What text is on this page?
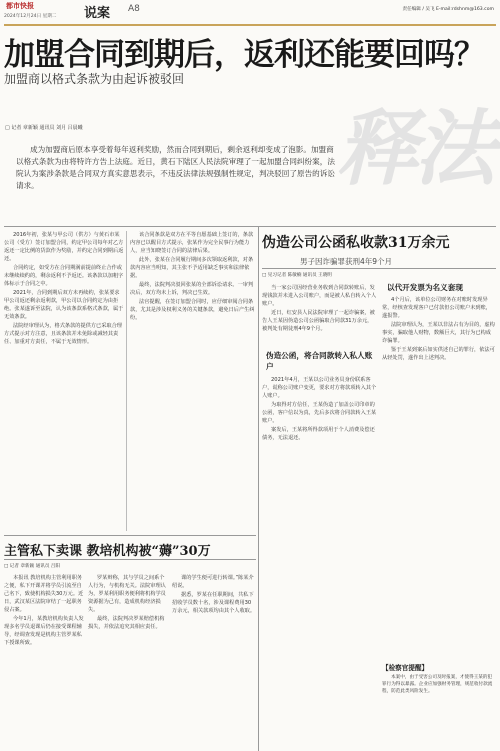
都市快报
2024年12月24日 星期二 说案 A8	责任编辑 / 吴飞 E-mail:rdshnm@163.com
加盟合同到期后，返利还能要回吗？
加盟商以格式条款为由起诉被驳回
释法
□ 记者 章新颖 通讯员 刘月 吕晨曦
成为加盟商后原本享受着每年返利奖励，然而合同到期后，剩余返利却变成了泡影。加盟商以格式条款为由将特许方告上法庭。近日，黄石下陆区人民法院审理了一起加盟合同纠纷案，法院认为案涉条款是合同双方真实意思表示，不违反法律法规强制性规定，判决驳回了原告的诉讼请求。

2016年初，张某与甲公司（供方）与黄石市某公司（受方）签订加盟合同，约定甲公司每年对乙方返还一定比例的货款作为奖励，并约定合同到期后返还。

合同约定，如受方在合同期满前提前终止合作或未继续续约的，剩余返利不予返还。该条款以加粗字体标示于合同之中。

2021年，合同到期后双方未再续约，张某要求甲公司返还剩余返利款，甲公司以合同约定为由拒绝。张某遂诉至法院，认为该条款系格式条款，属于无效条款。

法院经审理认为，格式条款的提供方已采取合理方式提示对方注意，且该条款并未免除或减轻其责任、加重对方责任，不属于无效情形。

该合同条款是双方在平等自愿基础上签订的，条款内容已以醒目方式提示，张某作为完全民事行为能力人，应当知晓签订合同的法律后果。

此外，张某在合同履行期间多次领取返利款，对条款内容应当明知，其主张不予适用缺乏事实和法律依据。

最终，法院判决驳回张某的全部诉讼请求。一审判决后，双方均未上诉，判决已生效。

法官提醒，在签订加盟合同时，应仔细审阅合同条款，尤其是涉及权利义务的关键条款，避免日后产生纠纷。

伪造公司公函私收款31万余元
男子因诈骗罪获刑4年9个月
□ 见习记者 陈敏楠 通讯员 王晓明

当一家公司因经营业务收到合同款转账后，发现钱款并未进入公司账户，而是被人私自转入个人账户。

近日，红安县人民法院审理了一起诈骗案，被告人王某因伪造公司公函骗取合同款31万余元，被判处有期徒刑4年9个月。

伪造公函，将合同款转入私人账户

2021年4月，王某以公司业务员身份联系客户，谎称公司账户变更，要求对方将款项转入其个人账户。

为取得对方信任，王某伪造了加盖公司印章的公函，客户信以为真，先后多次将合同款转入王某账户。

案发后，王某将所得款项用于个人消费及偿还债务，无法退还。

以代开发票为名义套现

4个月后，该单位公司财务在对账时发现异常，经核查发现客户已付款但公司账户未到账，遂报警。

法院审理认为，王某以非法占有为目的，虚构事实，骗取他人财物，数额巨大，其行为已构成诈骗罪。

鉴于王某到案后如实供述自己的罪行，依法可从轻处罚，遂作出上述判决。

【检察官提醒】
本案中，由于受害公司及时报案，才使得王某的犯罪行为得以暴露。企业应加强财务管理，规范收付款流程，防范此类风险发生。
主管私下卖课 教培机构被“薅”30万
□ 记者 章新颖 通讯员 吕阳

本报讯 教培机构主管利用职务之便，私下开课并将学员引流至自己名下，致使机构损失30万元。近日，武汉某区法院审结了一起职务侵占案。

今年1月，某教培机构负责人发现多名学员退课后仍在接受课程辅导，经调查发现是机构主管罗某私下授课所致。

罗某辩称，其与学员之间系个人行为，与机构无关。法院审理认为，罗某利用职务便利将机构学员资源据为己有，造成机构经济损失。

最终，法院判决罗某赔偿机构损失，并依法追究其相应责任。

课的学生便可进行转课。”陈某介绍说。

据悉，罗某在任职期间，共私下招收学员数十名，涉及课程费用30万余元，相关款项均由其个人收取。
